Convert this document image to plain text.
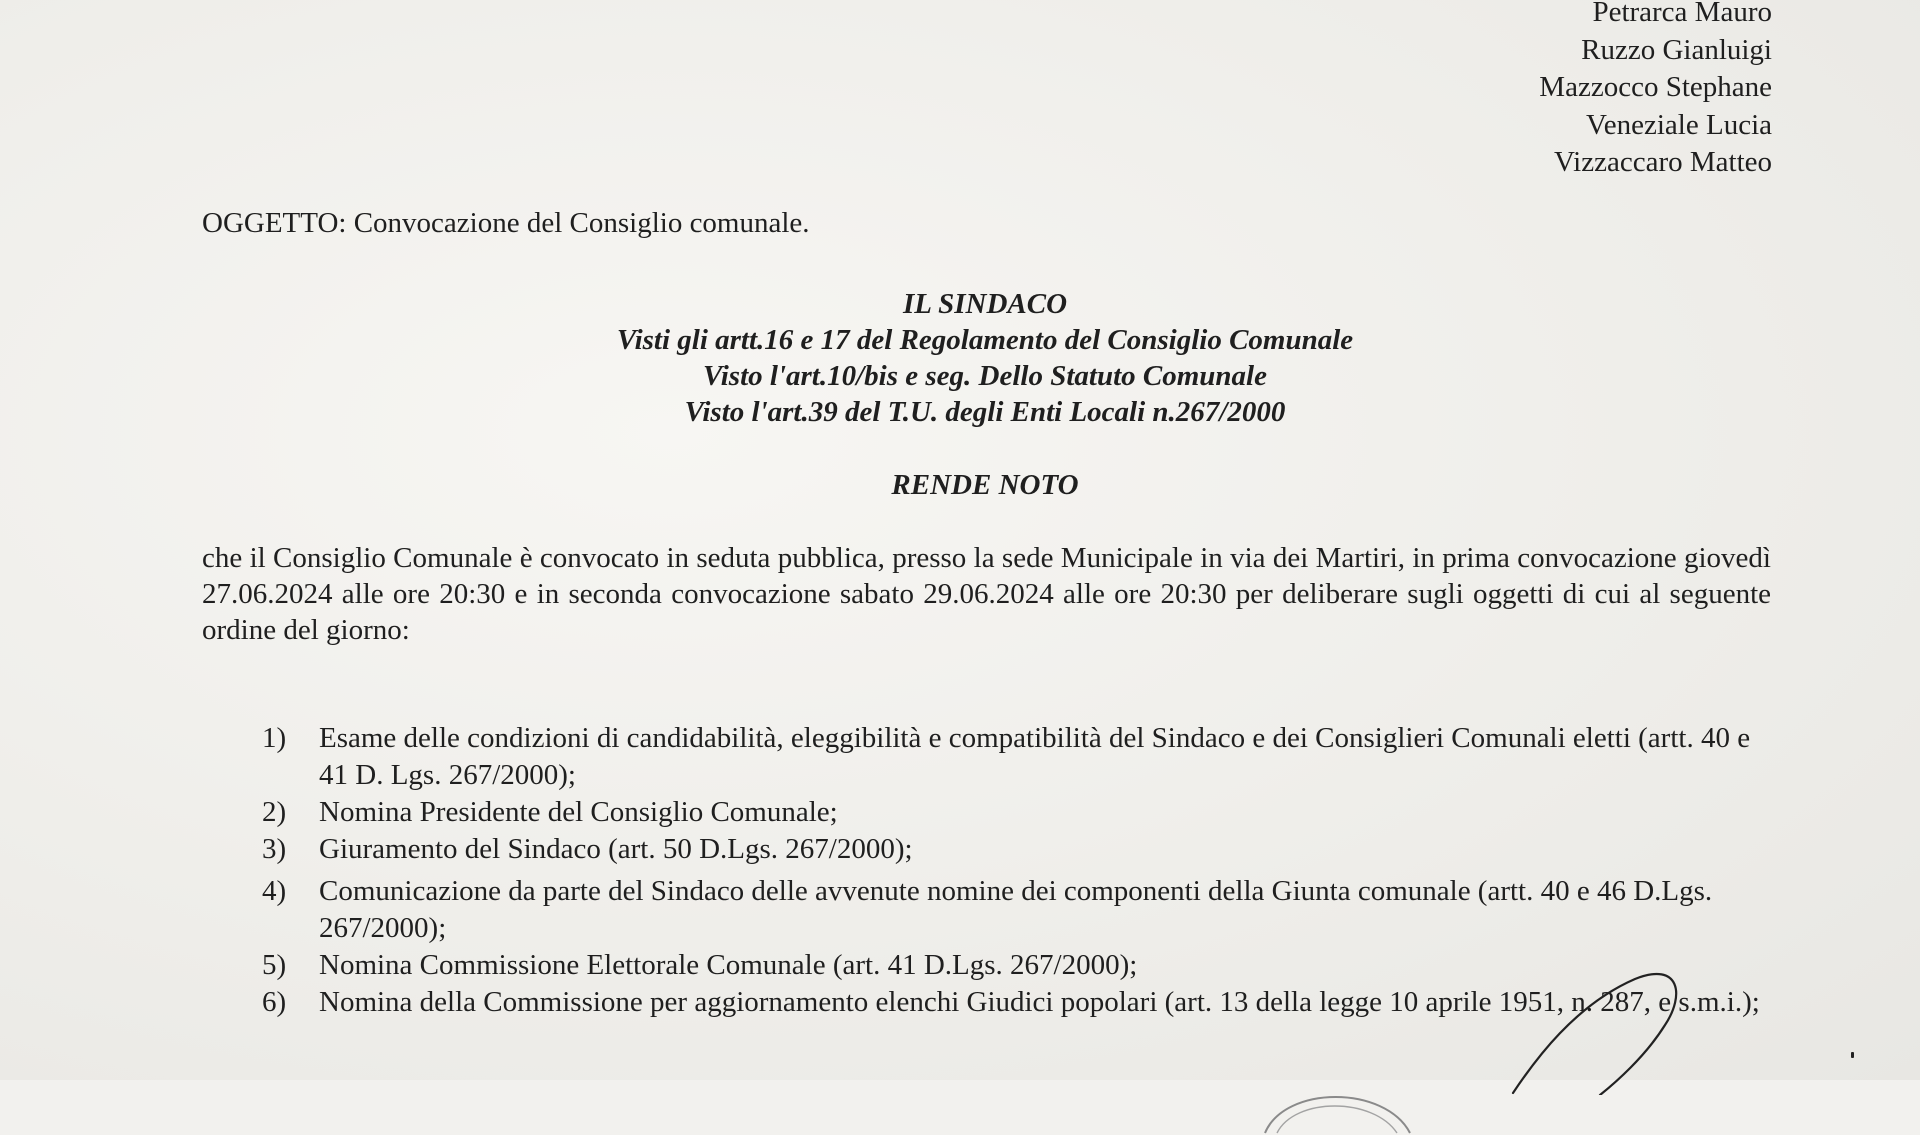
Petrarca Mauro
Ruzzo Gianluigi
Mazzocco Stephane
Veneziale Lucia
Vizzaccaro Matteo
OGGETTO: Convocazione del Consiglio comunale.
IL SINDACO
Visti gli artt.16 e 17 del Regolamento del Consiglio Comunale
Visto l'art.10/bis e seg. Dello Statuto Comunale
Visto l'art.39 del T.U. degli Enti Locali n.267/2000
RENDE NOTO
che il Consiglio Comunale è convocato in seduta pubblica, presso la sede Municipale in via dei Martiri, in prima convocazione giovedì 27.06.2024 alle ore 20:30 e in seconda convocazione sabato 29.06.2024 alle ore 20:30 per deliberare sugli oggetti di cui al seguente ordine del giorno:
1) Esame delle condizioni di candidabilità, eleggibilità e compatibilità del Sindaco e dei Consiglieri Comunali eletti (artt. 40 e 41 D. Lgs. 267/2000);
2) Nomina Presidente del Consiglio Comunale;
3) Giuramento del Sindaco (art. 50 D.Lgs. 267/2000);
4) Comunicazione da parte del Sindaco delle avvenute nomine dei componenti della Giunta comunale (artt. 40 e 46 D.Lgs. 267/2000);
5) Nomina Commissione Elettorale Comunale (art. 41 D.Lgs. 267/2000);
6) Nomina della Commissione per aggiornamento elenchi Giudici popolari (art. 13 della legge 10 aprile 1951, n. 287, e s.m.i.);
